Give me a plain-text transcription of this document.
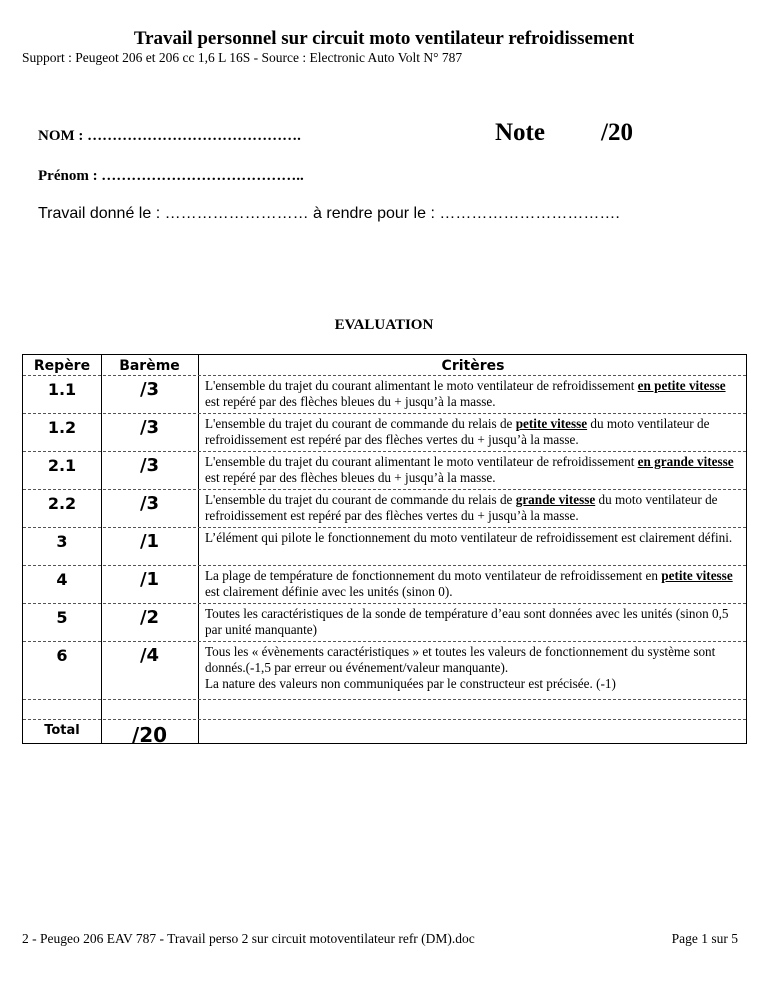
Travail personnel sur circuit moto ventilateur refroidissement
Support : Peugeot 206 et 206 cc 1,6 L 16S - Source : Electronic Auto Volt N° 787
NOM : …………………………………….	Note /20
Prénom : …………………………………..
Travail donné le : ……………………… à rendre pour le : …………………………….
EVALUATION
Repère	Barème	Critères
1.1	/3	L'ensemble du trajet du courant alimentant le moto ventilateur de refroidissement en petite vitesse est repéré par des flèches bleues du + jusqu’à la masse.
1.2	/3	L'ensemble du trajet du courant de commande du relais de petite vitesse du moto ventilateur de refroidissement est repéré par des flèches vertes du + jusqu’à la masse.
2.1	/3	L'ensemble du trajet du courant alimentant le moto ventilateur de refroidissement en grande vitesse est repéré par des flèches bleues du + jusqu’à la masse.
2.2	/3	L'ensemble du trajet du courant de commande du relais de grande vitesse du moto ventilateur de refroidissement est repéré par des flèches vertes du + jusqu’à la masse.
3	/1	L’élément qui pilote le fonctionnement du moto ventilateur de refroidissement est clairement défini.
4	/1	La plage de température de fonctionnement du moto ventilateur de refroidissement en petite vitesse est clairement définie avec les unités (sinon 0).
5	/2	Toutes les caractéristiques de la sonde de température d’eau sont données avec les unités (sinon 0,5 par unité manquante)
6	/4	Tous les « évènements caractéristiques » et toutes les valeurs de fonctionnement du système sont donnés.(-1,5 par erreur ou événement/valeur manquante).
La nature des valeurs non communiquées par le constructeur est précisée. (-1)
Total	/20
2 - Peugeo 206 EAV 787 - Travail perso 2 sur circuit motoventilateur refr (DM).doc	Page 1 sur 5
